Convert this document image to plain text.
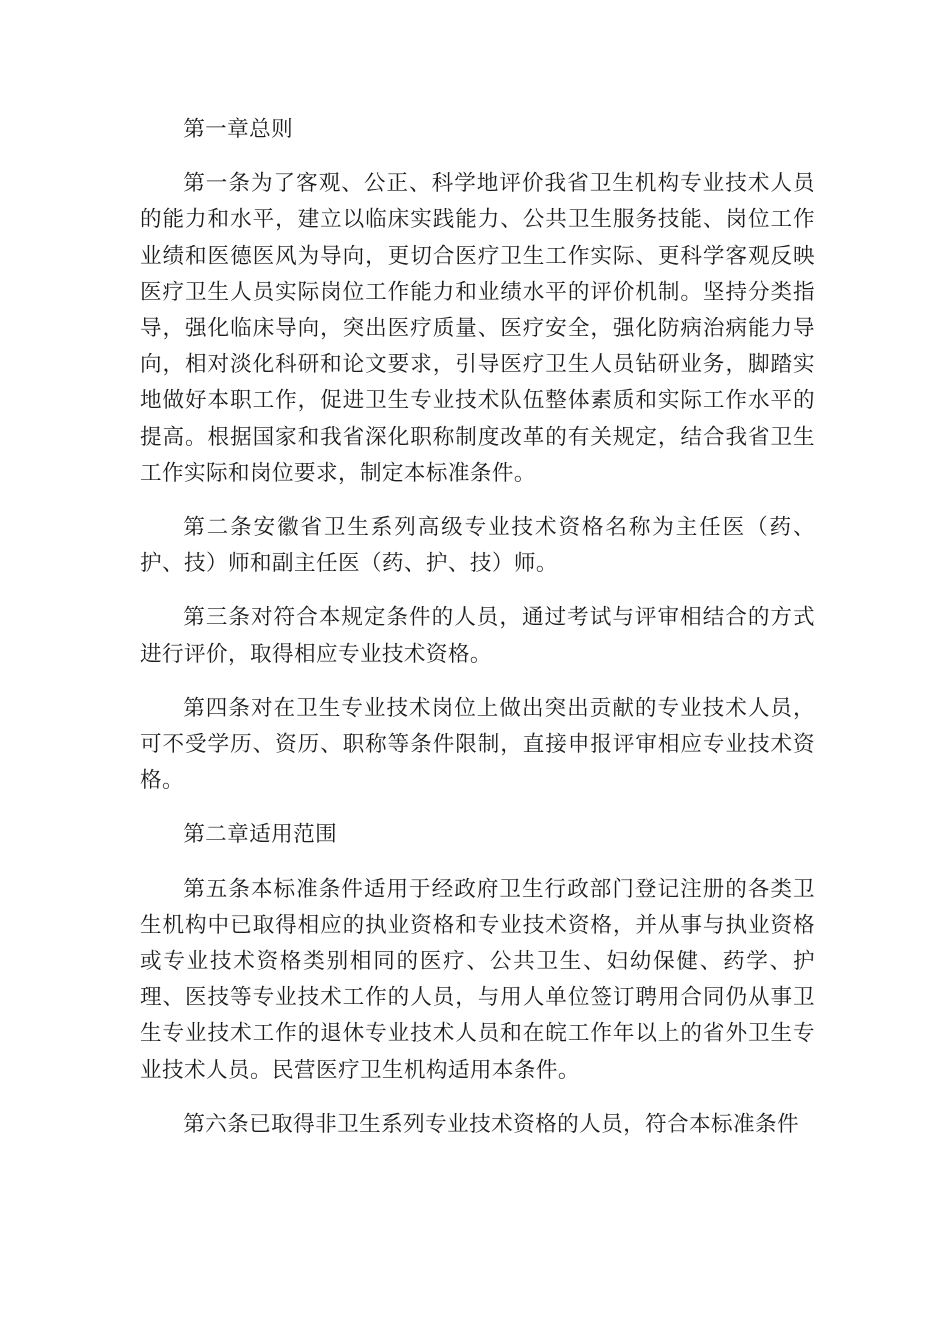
第一章总则

第一条为了客观、公正、科学地评价我省卫生机构专业技术人员的能力和水平，建立以临床实践能力、公共卫生服务技能、岗位工作业绩和医德医风为导向，更切合医疗卫生工作实际、更科学客观反映医疗卫生人员实际岗位工作能力和业绩水平的评价机制。坚持分类指导，强化临床导向，突出医疗质量、医疗安全，强化防病治病能力导向，相对淡化科研和论文要求，引导医疗卫生人员钻研业务，脚踏实地做好本职工作，促进卫生专业技术队伍整体素质和实际工作水平的提高。根据国家和我省深化职称制度改革的有关规定，结合我省卫生工作实际和岗位要求，制定本标准条件。

第二条安徽省卫生系列高级专业技术资格名称为主任医（药、护、技）师和副主任医（药、护、技）师。

第三条对符合本规定条件的人员，通过考试与评审相结合的方式进行评价，取得相应专业技术资格。

第四条对在卫生专业技术岗位上做出突出贡献的专业技术人员，可不受学历、资历、职称等条件限制，直接申报评审相应专业技术资格。

第二章适用范围

第五条本标准条件适用于经政府卫生行政部门登记注册的各类卫生机构中已取得相应的执业资格和专业技术资格，并从事与执业资格或专业技术资格类别相同的医疗、公共卫生、妇幼保健、药学、护理、医技等专业技术工作的人员，与用人单位签订聘用合同仍从事卫生专业技术工作的退休专业技术人员和在皖工作年以上的省外卫生专业技术人员。民营医疗卫生机构适用本条件。

第六条已取得非卫生系列专业技术资格的人员，符合本标准条件
